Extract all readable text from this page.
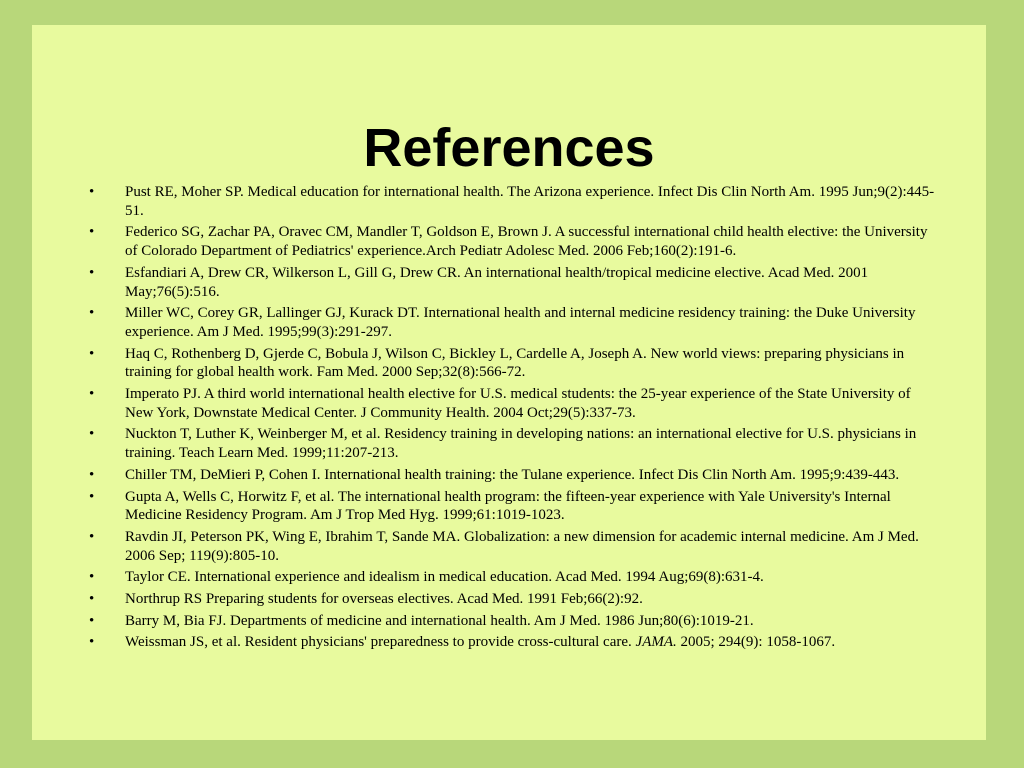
References
• Pust RE, Moher SP. Medical education for international health. The Arizona experience. Infect Dis Clin North Am. 1995 Jun;9(2):445-51.
• Federico SG, Zachar PA, Oravec CM, Mandler T, Goldson E, Brown J. A successful international child health elective: the University of Colorado Department of Pediatrics' experience.Arch Pediatr Adolesc Med. 2006 Feb;160(2):191-6.
• Esfandiari A, Drew CR, Wilkerson L, Gill G, Drew CR. An international health/tropical medicine elective. Acad Med. 2001 May;76(5):516.
• Miller WC, Corey GR, Lallinger GJ, Kurack DT. International health and internal medicine residency training: the Duke University experience. Am J Med. 1995;99(3):291-297.
• Haq C, Rothenberg D, Gjerde C, Bobula J, Wilson C, Bickley L, Cardelle A, Joseph A. New world views: preparing physicians in training for global health work. Fam Med. 2000 Sep;32(8):566-72.
• Imperato PJ. A third world international health elective for U.S. medical students: the 25-year experience of the State University of New York, Downstate Medical Center. J Community Health. 2004 Oct;29(5):337-73.
• Nuckton T, Luther K, Weinberger M, et al. Residency training in developing nations: an international elective for U.S. physicians in training. Teach Learn Med. 1999;11:207-213.
• Chiller TM, DeMieri P, Cohen I. International health training: the Tulane experience. Infect Dis Clin North Am. 1995;9:439-443.
• Gupta A, Wells C, Horwitz F, et al. The international health program: the fifteen-year experience with Yale University's Internal Medicine Residency Program. Am J Trop Med Hyg. 1999;61:1019-1023.
• Ravdin JI, Peterson PK, Wing E, Ibrahim T, Sande MA. Globalization: a new dimension for academic internal medicine. Am J Med. 2006 Sep; 119(9):805-10.
• Taylor CE. International experience and idealism in medical education. Acad Med. 1994 Aug;69(8):631-4.
• Northrup RS Preparing students for overseas electives. Acad Med. 1991 Feb;66(2):92.
• Barry M, Bia FJ. Departments of medicine and international health. Am J Med. 1986 Jun;80(6):1019-21.
• Weissman JS, et al. Resident physicians' preparedness to provide cross-cultural care. JAMA. 2005; 294(9): 1058-1067.
